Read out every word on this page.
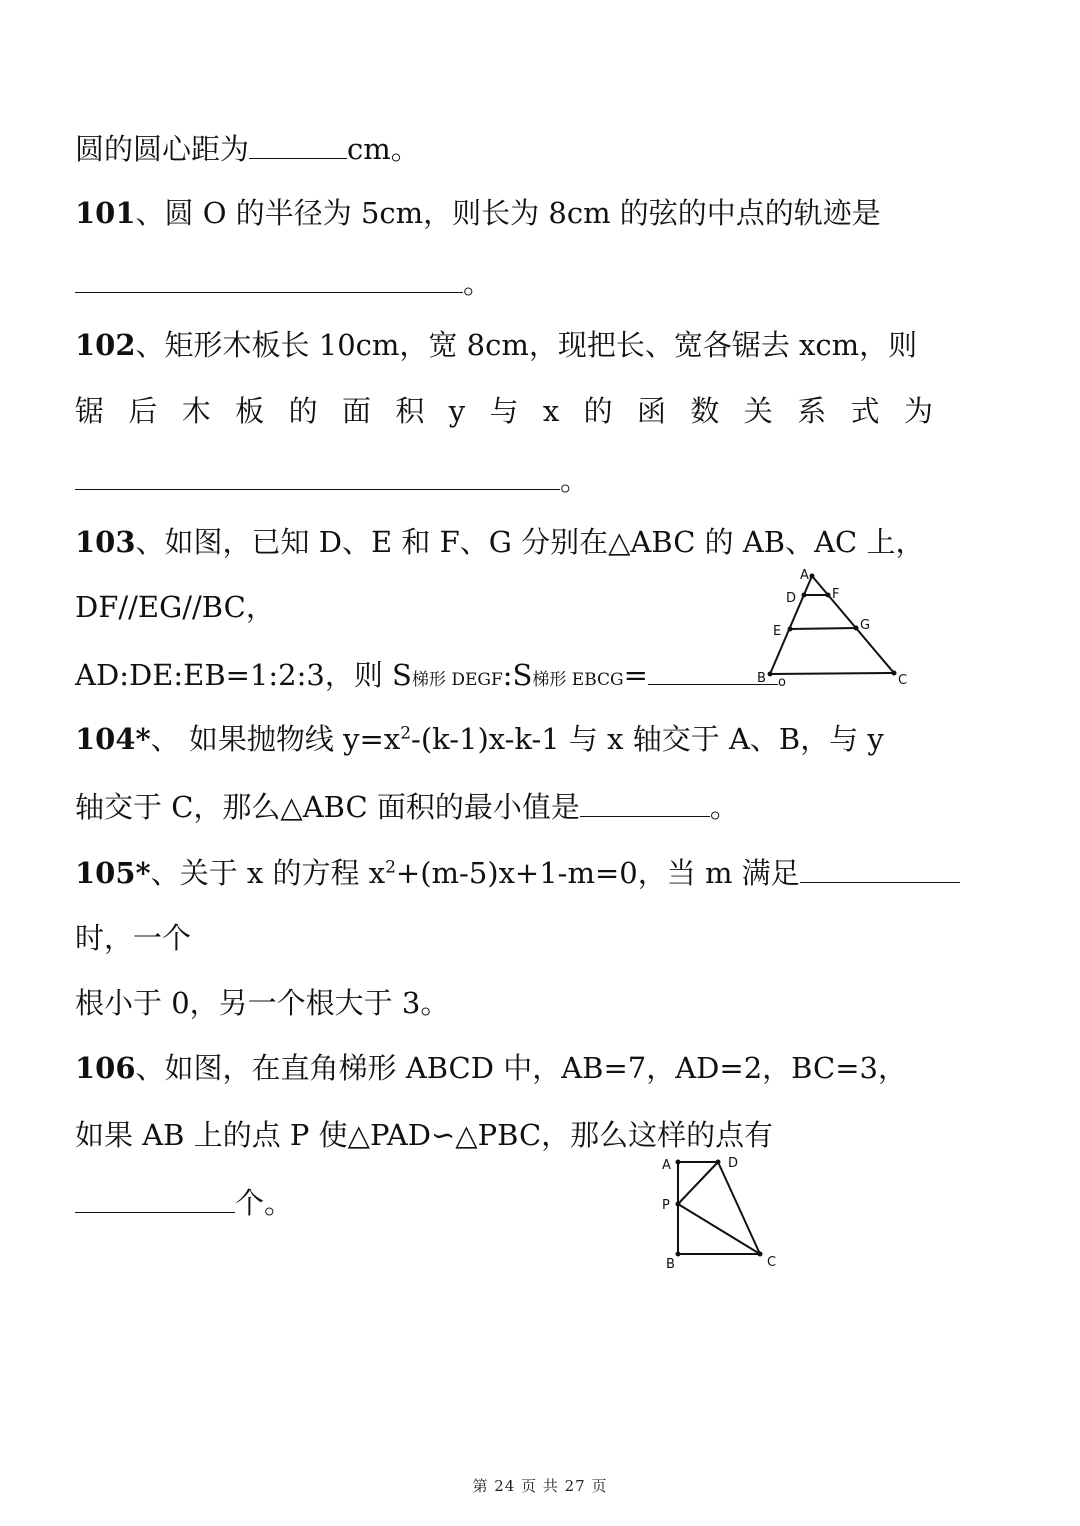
圆的圆心距为	cm。
101、圆 O 的半径为 5cm，则长为 8cm 的弦的中点的轨迹是
。
102、矩形木板长 10cm，宽 8cm，现把长、宽各锯去 xcm，则
锯 后 木 板 的 面 积 y 与 x 的 函 数 关 系 式 为
。
103、如图，已知 D、E 和 F、G 分别在△ABC 的 AB、AC 上，
DF//EG//BC，
AD:DE:EB=1:2:3，则 S梯形 DEGF:S梯形 EBCG=
A
D	F
E	G
B o	C
104*、 如果抛物线 $y=x^2-(k-1)x-k-1$ 与 x 轴交于 A、B，与 y
轴交于 C，那么△ABC 面积的最小值是	。
105*、关于 x 的方程 $x^2+(m-5)x+1-m=0$，当 m 满足
时，一个
根小于 0，另一个根大于 3。
106、如图，在直角梯形 ABCD 中，AB=7，AD=2，BC=3，
如果 AB 上的点 P 使△PAD∽△PBC，那么这样的点有
个。
A	D
P
B	C
第 24 页 共 27 页
